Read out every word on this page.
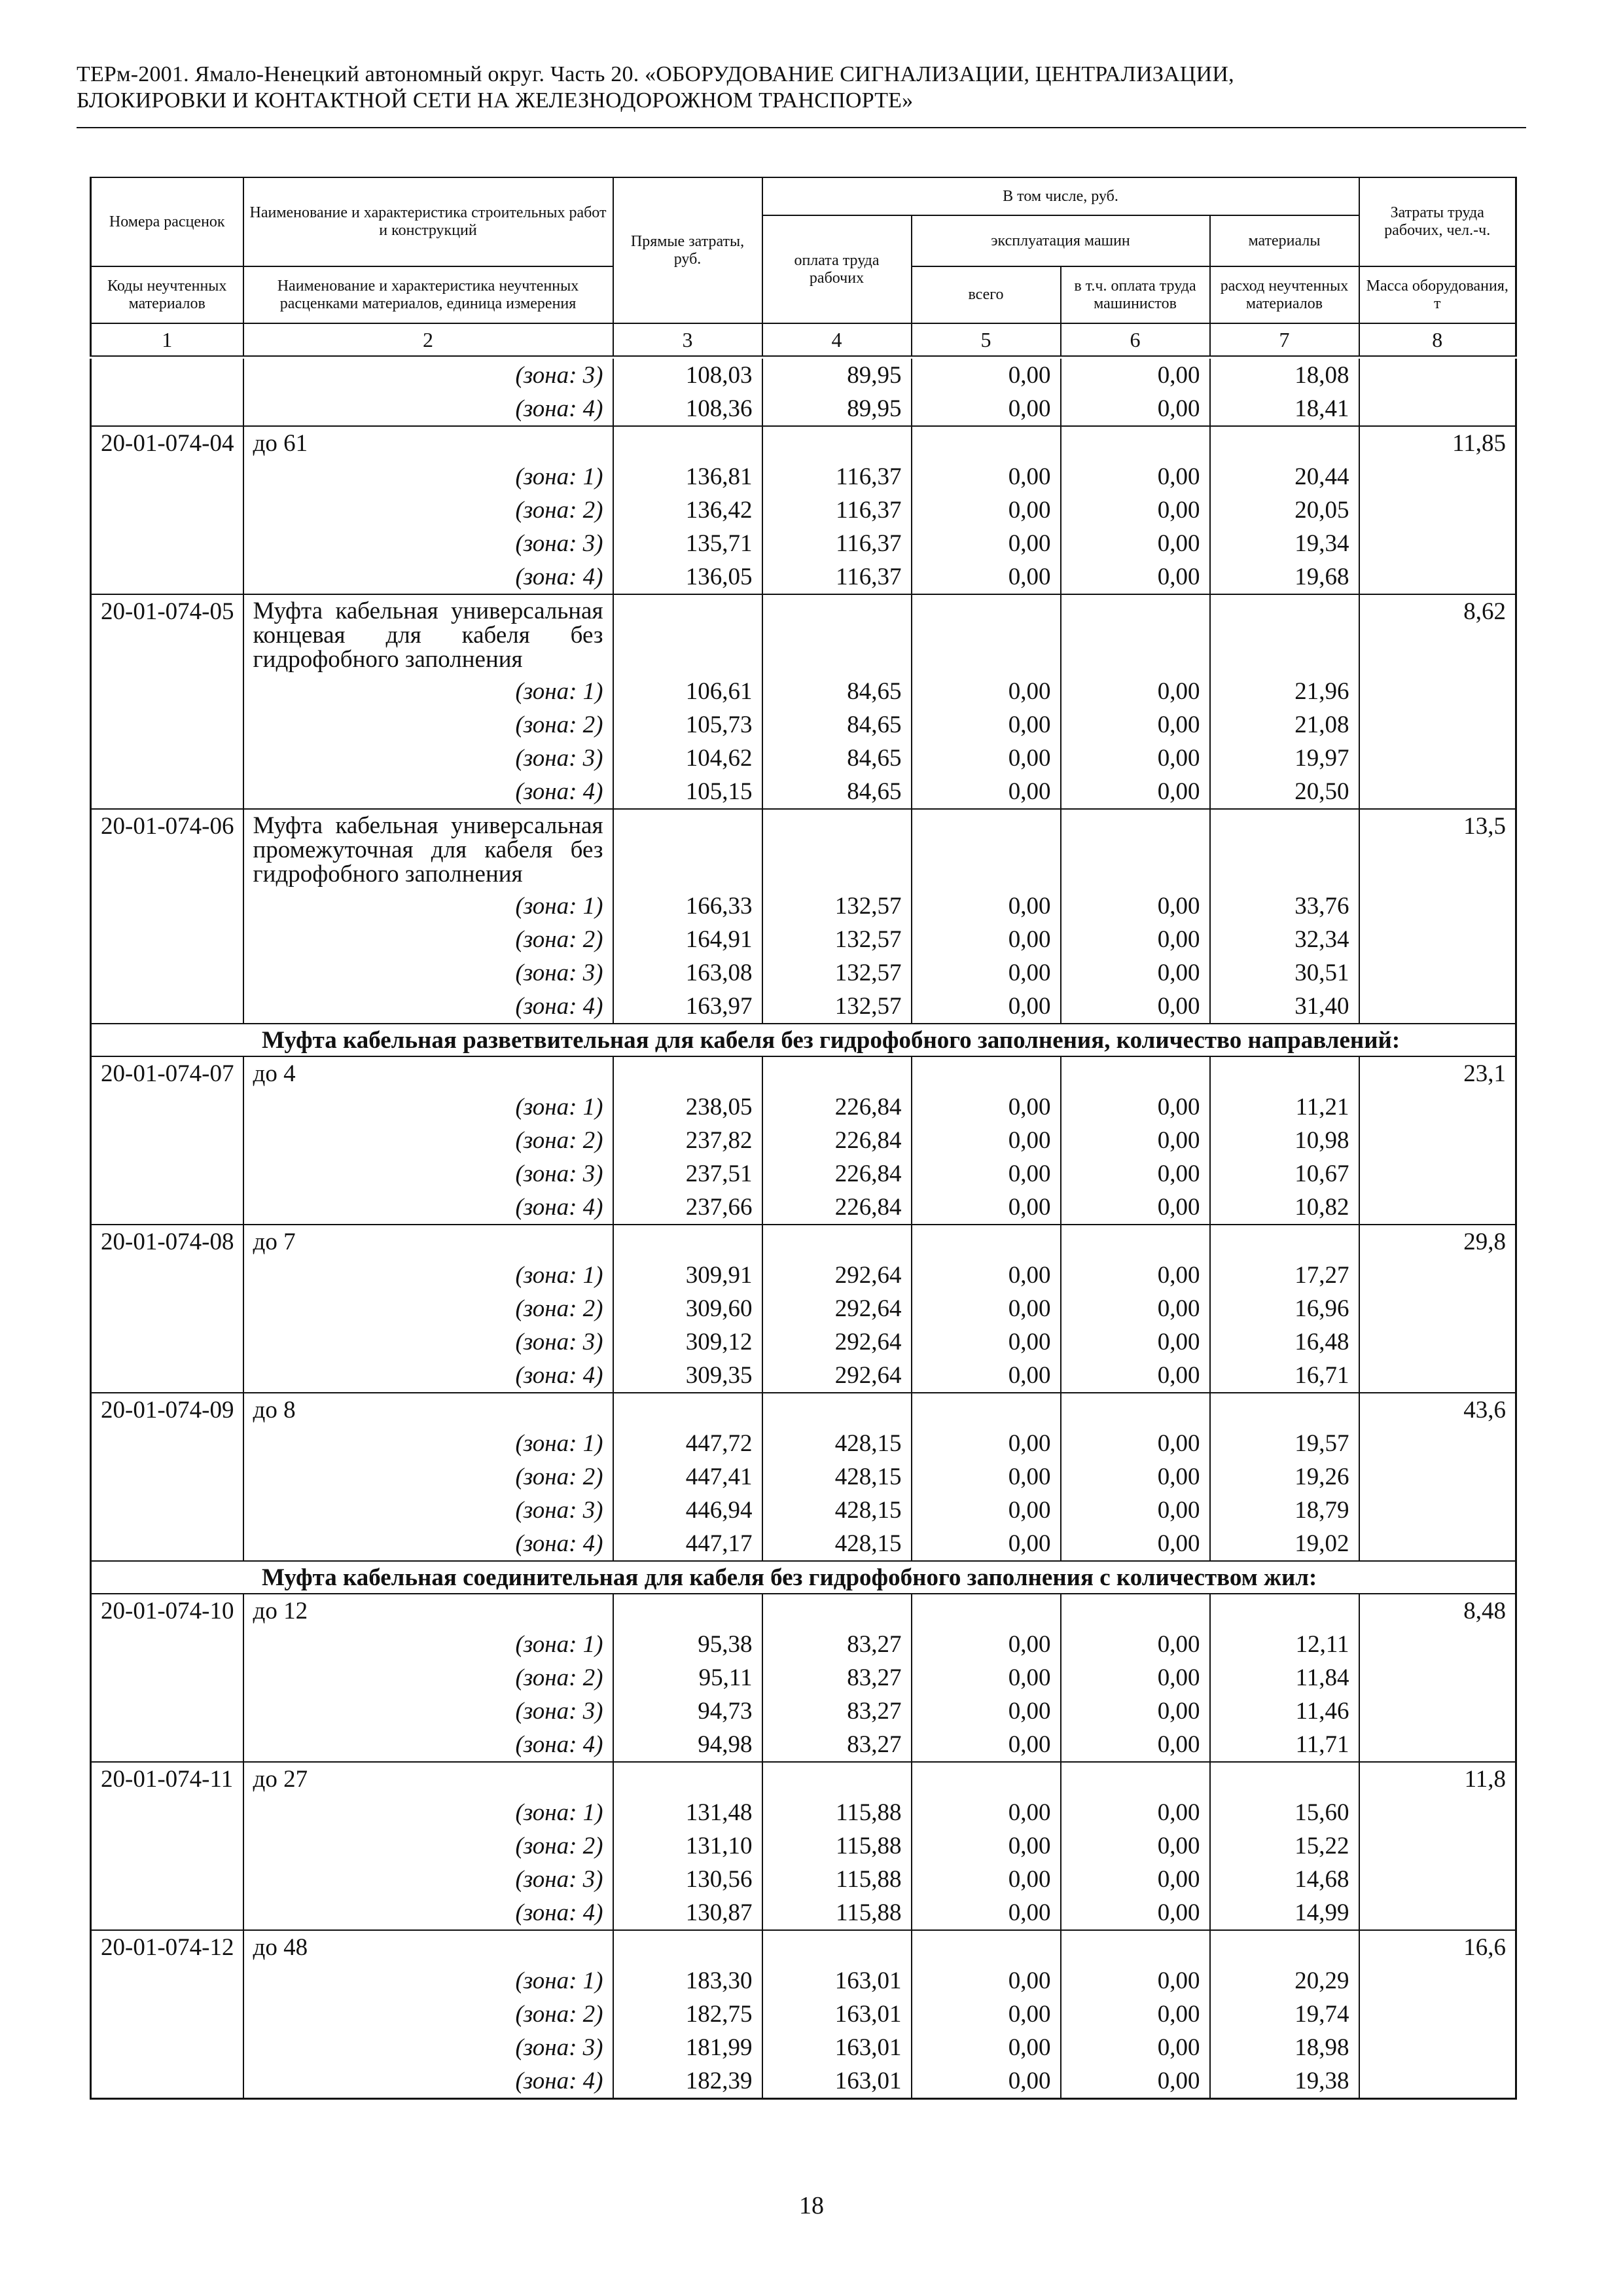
ТЕРм-2001. Ямало-Ненецкий автономный округ. Часть 20. «ОБОРУДОВАНИЕ СИГНАЛИЗАЦИИ, ЦЕНТРАЛИЗАЦИИ,
БЛОКИРОВКИ И КОНТАКТНОЙ СЕТИ НА ЖЕЛЕЗНОДОРОЖНОМ ТРАНСПОРТЕ»
Номера расценок	Наименование и характеристика строительных работ и конструкций	Прямые затраты, руб.	В том числе, руб.				Затраты труда рабочих, чел.-ч.
			оплата труда рабочих	эксплуатация машин		материалы	
Коды неучтенных материалов	Наименование и характеристика неучтенных расценками материалов, единица измерения			всего	в т.ч. оплата труда машинистов	расход неучтенных материалов	Масса оборудования, т
1	2	3	4	5	6	7	8
	(зона: 3)	108,03	89,95	0,00	0,00	18,08	
	(зона: 4)	108,36	89,95	0,00	0,00	18,41	
20-01-074-04	до 61						11,85
	(зона: 1)	136,81	116,37	0,00	0,00	20,44	
	(зона: 2)	136,42	116,37	0,00	0,00	20,05	
	(зона: 3)	135,71	116,37	0,00	0,00	19,34	
	(зона: 4)	136,05	116,37	0,00	0,00	19,68	
20-01-074-05	Муфта кабельная универсальная концевая для кабеля без гидрофобного заполнения						8,62
	(зона: 1)	106,61	84,65	0,00	0,00	21,96	
	(зона: 2)	105,73	84,65	0,00	0,00	21,08	
	(зона: 3)	104,62	84,65	0,00	0,00	19,97	
	(зона: 4)	105,15	84,65	0,00	0,00	20,50	
20-01-074-06	Муфта кабельная универсальная промежуточная для кабеля без гидрофобного заполнения						13,5
	(зона: 1)	166,33	132,57	0,00	0,00	33,76	
	(зона: 2)	164,91	132,57	0,00	0,00	32,34	
	(зона: 3)	163,08	132,57	0,00	0,00	30,51	
	(зона: 4)	163,97	132,57	0,00	0,00	31,40	
Муфта кабельная разветвительная для кабеля без гидрофобного заполнения, количество направлений:							
20-01-074-07	до 4						23,1
	(зона: 1)	238,05	226,84	0,00	0,00	11,21	
	(зона: 2)	237,82	226,84	0,00	0,00	10,98	
	(зона: 3)	237,51	226,84	0,00	0,00	10,67	
	(зона: 4)	237,66	226,84	0,00	0,00	10,82	
20-01-074-08	до 7						29,8
	(зона: 1)	309,91	292,64	0,00	0,00	17,27	
	(зона: 2)	309,60	292,64	0,00	0,00	16,96	
	(зона: 3)	309,12	292,64	0,00	0,00	16,48	
	(зона: 4)	309,35	292,64	0,00	0,00	16,71	
20-01-074-09	до 8						43,6
	(зона: 1)	447,72	428,15	0,00	0,00	19,57	
	(зона: 2)	447,41	428,15	0,00	0,00	19,26	
	(зона: 3)	446,94	428,15	0,00	0,00	18,79	
	(зона: 4)	447,17	428,15	0,00	0,00	19,02	
Муфта кабельная соединительная для кабеля без гидрофобного заполнения с количеством жил:							
20-01-074-10	до 12						8,48
	(зона: 1)	95,38	83,27	0,00	0,00	12,11	
	(зона: 2)	95,11	83,27	0,00	0,00	11,84	
	(зона: 3)	94,73	83,27	0,00	0,00	11,46	
	(зона: 4)	94,98	83,27	0,00	0,00	11,71	
20-01-074-11	до 27						11,8
	(зона: 1)	131,48	115,88	0,00	0,00	15,60	
	(зона: 2)	131,10	115,88	0,00	0,00	15,22	
	(зона: 3)	130,56	115,88	0,00	0,00	14,68	
	(зона: 4)	130,87	115,88	0,00	0,00	14,99	
20-01-074-12	до 48						16,6
	(зона: 1)	183,30	163,01	0,00	0,00	20,29	
	(зона: 2)	182,75	163,01	0,00	0,00	19,74	
	(зона: 3)	181,99	163,01	0,00	0,00	18,98	
	(зона: 4)	182,39	163,01	0,00	0,00	19,38	
18
